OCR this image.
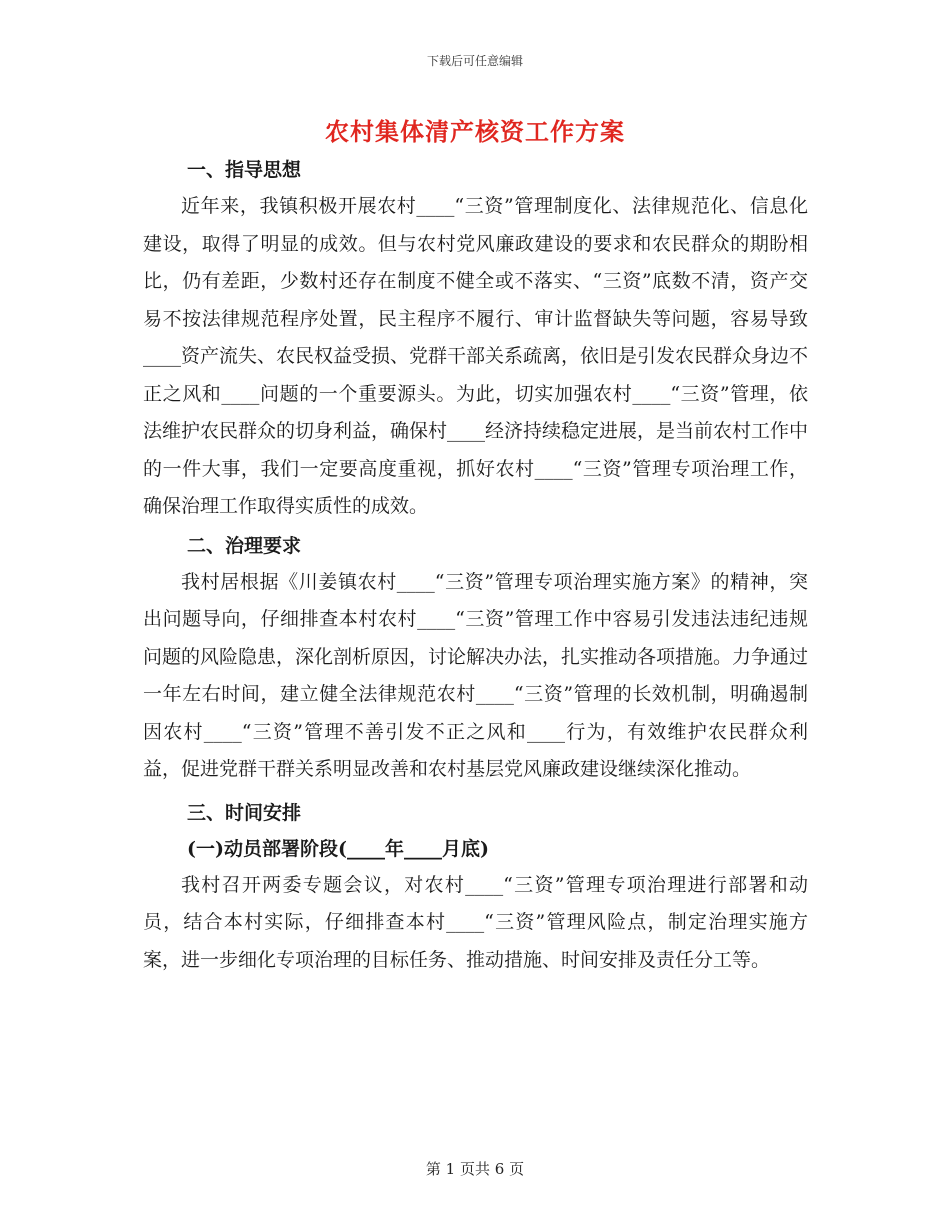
下载后可任意编辑
农村集体清产核资工作方案
一、指导思想

近年来，我镇积极开展农村____“三资”管理制度化、法律规范化、信息化建设，取得了明显的成效。但与农村党风廉政建设的要求和农民群众的期盼相比，仍有差距，少数村还存在制度不健全或不落实、“三资”底数不清，资产交易不按法律规范程序处置，民主程序不履行、审计监督缺失等问题，容易导致____资产流失、农民权益受损、党群干部关系疏离，依旧是引发农民群众身边不正之风和____问题的一个重要源头。为此，切实加强农村____“三资”管理，依法维护农民群众的切身利益，确保村____经济持续稳定进展，是当前农村工作中的一件大事，我们一定要高度重视，抓好农村____“三资”管理专项治理工作，确保治理工作取得实质性的成效。

二、治理要求

我村居根据《川姜镇农村____“三资”管理专项治理实施方案》的精神，突出问题导向，仔细排查本村农村____“三资”管理工作中容易引发违法违纪违规问题的风险隐患，深化剖析原因，讨论解决办法，扎实推动各项措施。力争通过一年左右时间，建立健全法律规范农村____“三资”管理的长效机制，明确遏制因农村____“三资”管理不善引发不正之风和____行为，有效维护农民群众利益，促进党群干群关系明显改善和农村基层党风廉政建设继续深化推动。

三、时间安排
(一)动员部署阶段(____年____月底)

我村召开两委专题会议，对农村____“三资”管理专项治理进行部署和动员，结合本村实际，仔细排查本村____“三资”管理风险点，制定治理实施方案，进一步细化专项治理的目标任务、推动措施、时间安排及责任分工等。

第 1 页共 6 页
